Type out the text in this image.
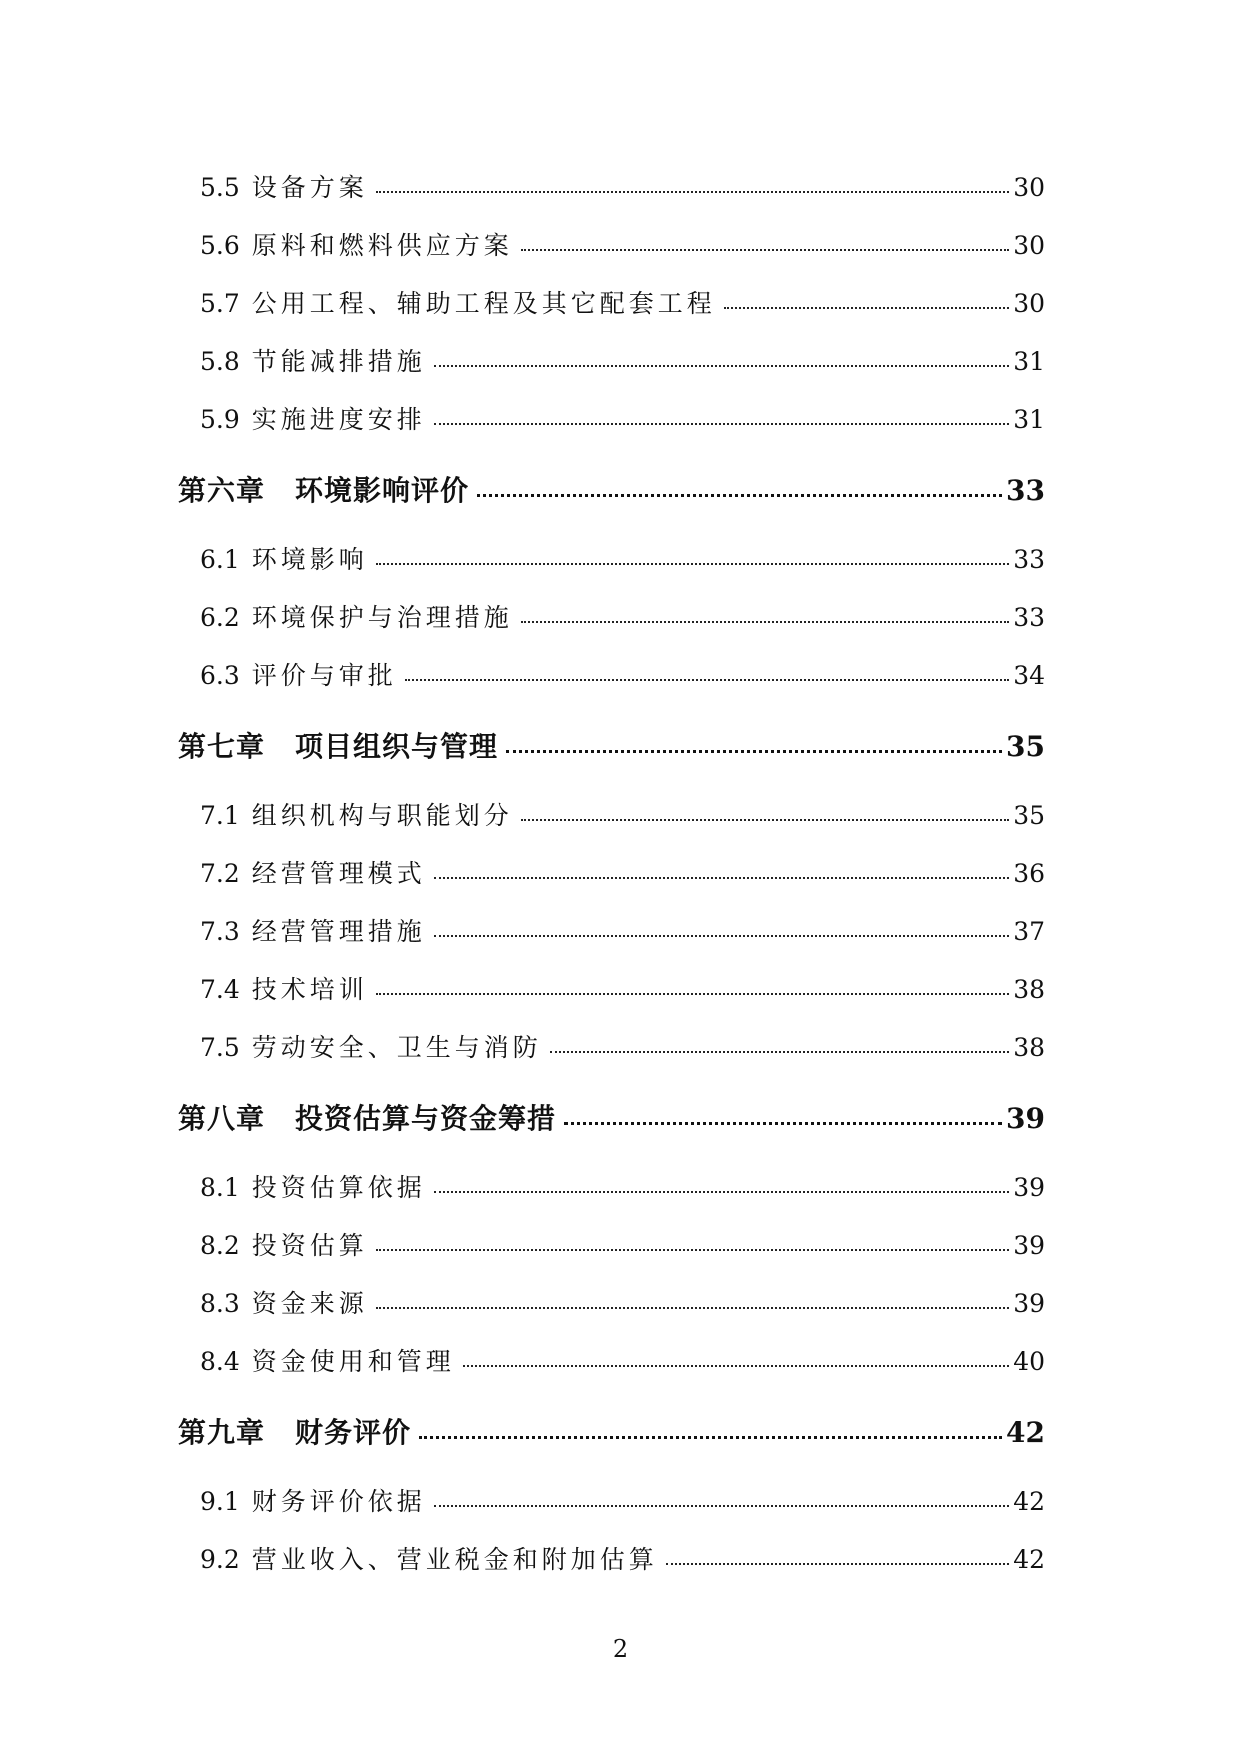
5.5 设备方案	30
5.6 原料和燃料供应方案	30
5.7 公用工程、辅助工程及其它配套工程	30
5.8 节能减排措施	31
5.9 实施进度安排	31
第六章 环境影响评价	33
6.1 环境影响	33
6.2 环境保护与治理措施	33
6.3 评价与审批	34
第七章 项目组织与管理	35
7.1 组织机构与职能划分	35
7.2 经营管理模式	36
7.3 经营管理措施	37
7.4 技术培训	38
7.5 劳动安全、卫生与消防	38
第八章 投资估算与资金筹措	39
8.1 投资估算依据	39
8.2 投资估算	39
8.3 资金来源	39
8.4 资金使用和管理	40
第九章 财务评价	42
9.1 财务评价依据	42
9.2 营业收入、营业税金和附加估算	42
2
